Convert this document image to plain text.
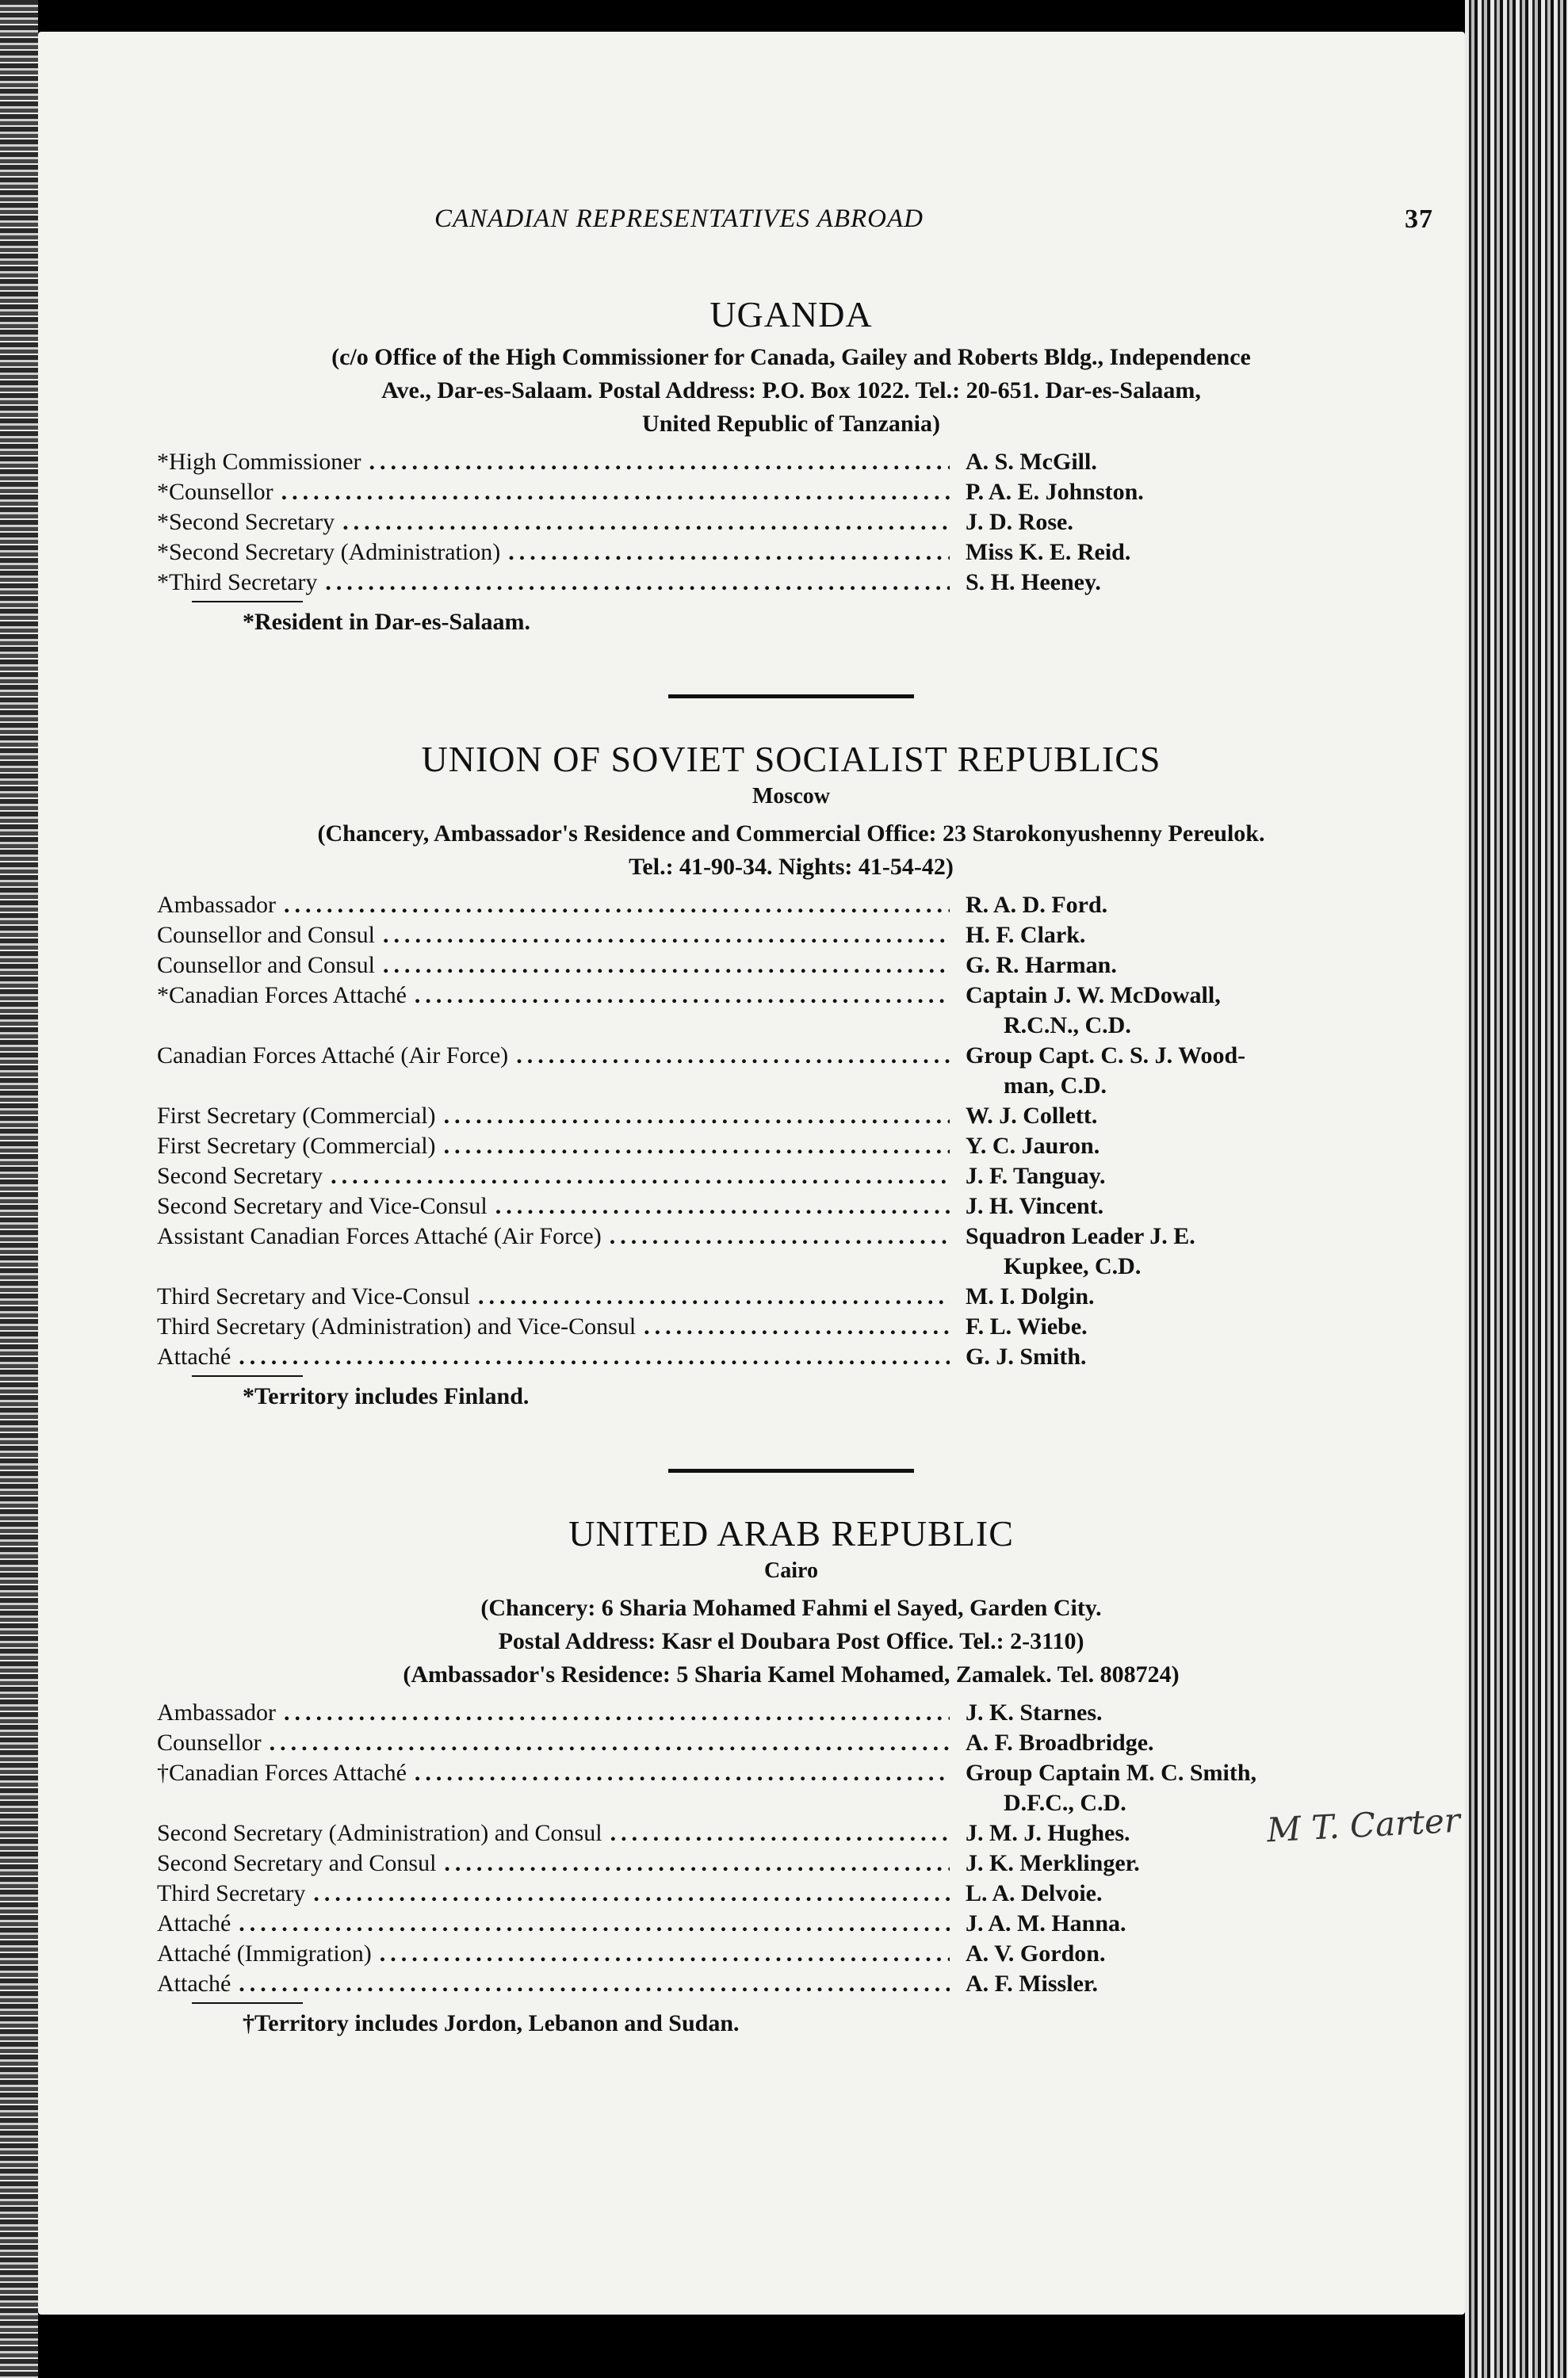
CANADIAN REPRESENTATIVES ABROAD	37
UGANDA
(c/o Office of the High Commissioner for Canada, Gailey and Roberts Bldg., Independence
Ave., Dar-es-Salaam. Postal Address: P.O. Box 1022. Tel.: 20-651. Dar-es-Salaam,
United Republic of Tanzania)
*High Commissioner .....	A. S. McGill.
*Counsellor .....	P. A. E. Johnston.
*Second Secretary .....	J. D. Rose.
*Second Secretary (Administration) .....	Miss K. E. Reid.
*Third Secretary .....	S. H. Heeney.
*Resident in Dar-es-Salaam.
UNION OF SOVIET SOCIALIST REPUBLICS
Moscow
(Chancery, Ambassador's Residence and Commercial Office: 23 Starokonyushenny Pereulok.
Tel.: 41-90-34. Nights: 41-54-42)
Ambassador .....	R. A. D. Ford.
Counsellor and Consul .....	H. F. Clark.
Counsellor and Consul .....	G. R. Harman.
*Canadian Forces Attaché .....	Captain J. W. McDowall,
R.C.N., C.D.
Canadian Forces Attaché (Air Force) .....	Group Capt. C. S. J. Wood-
man, C.D.
First Secretary (Commercial) .....	W. J. Collett.
First Secretary (Commercial) .....	Y. C. Jauron.
Second Secretary .....	J. F. Tanguay.
Second Secretary and Vice-Consul .....	J. H. Vincent.
Assistant Canadian Forces Attaché (Air Force) .....	Squadron Leader J. E.
Kupkee, C.D.
Third Secretary and Vice-Consul .....	M. I. Dolgin.
Third Secretary (Administration) and Vice-Consul .....	F. L. Wiebe.
Attaché .....	G. J. Smith.
*Territory includes Finland.
UNITED ARAB REPUBLIC
Cairo
(Chancery: 6 Sharia Mohamed Fahmi el Sayed, Garden City.
Postal Address: Kasr el Doubara Post Office. Tel.: 2-3110)
(Ambassador's Residence: 5 Sharia Kamel Mohamed, Zamalek. Tel. 808724)
Ambassador .....	J. K. Starnes.
Counsellor .....	A. F. Broadbridge.
†Canadian Forces Attaché .....	Group Captain M. C. Smith,
D.F.C., C.D.
Second Secretary (Administration) and Consul .....	J. M. J. Hughes.
Second Secretary and Consul .....	J. K. Merklinger.
Third Secretary .....	L. A. Delvoie.
Attaché .....	J. A. M. Hanna.
Attaché (Immigration) .....	A. V. Gordon.
Attaché .....	A. F. Missler.
†Territory includes Jordon, Lebanon and Sudan.
M T. Carter
